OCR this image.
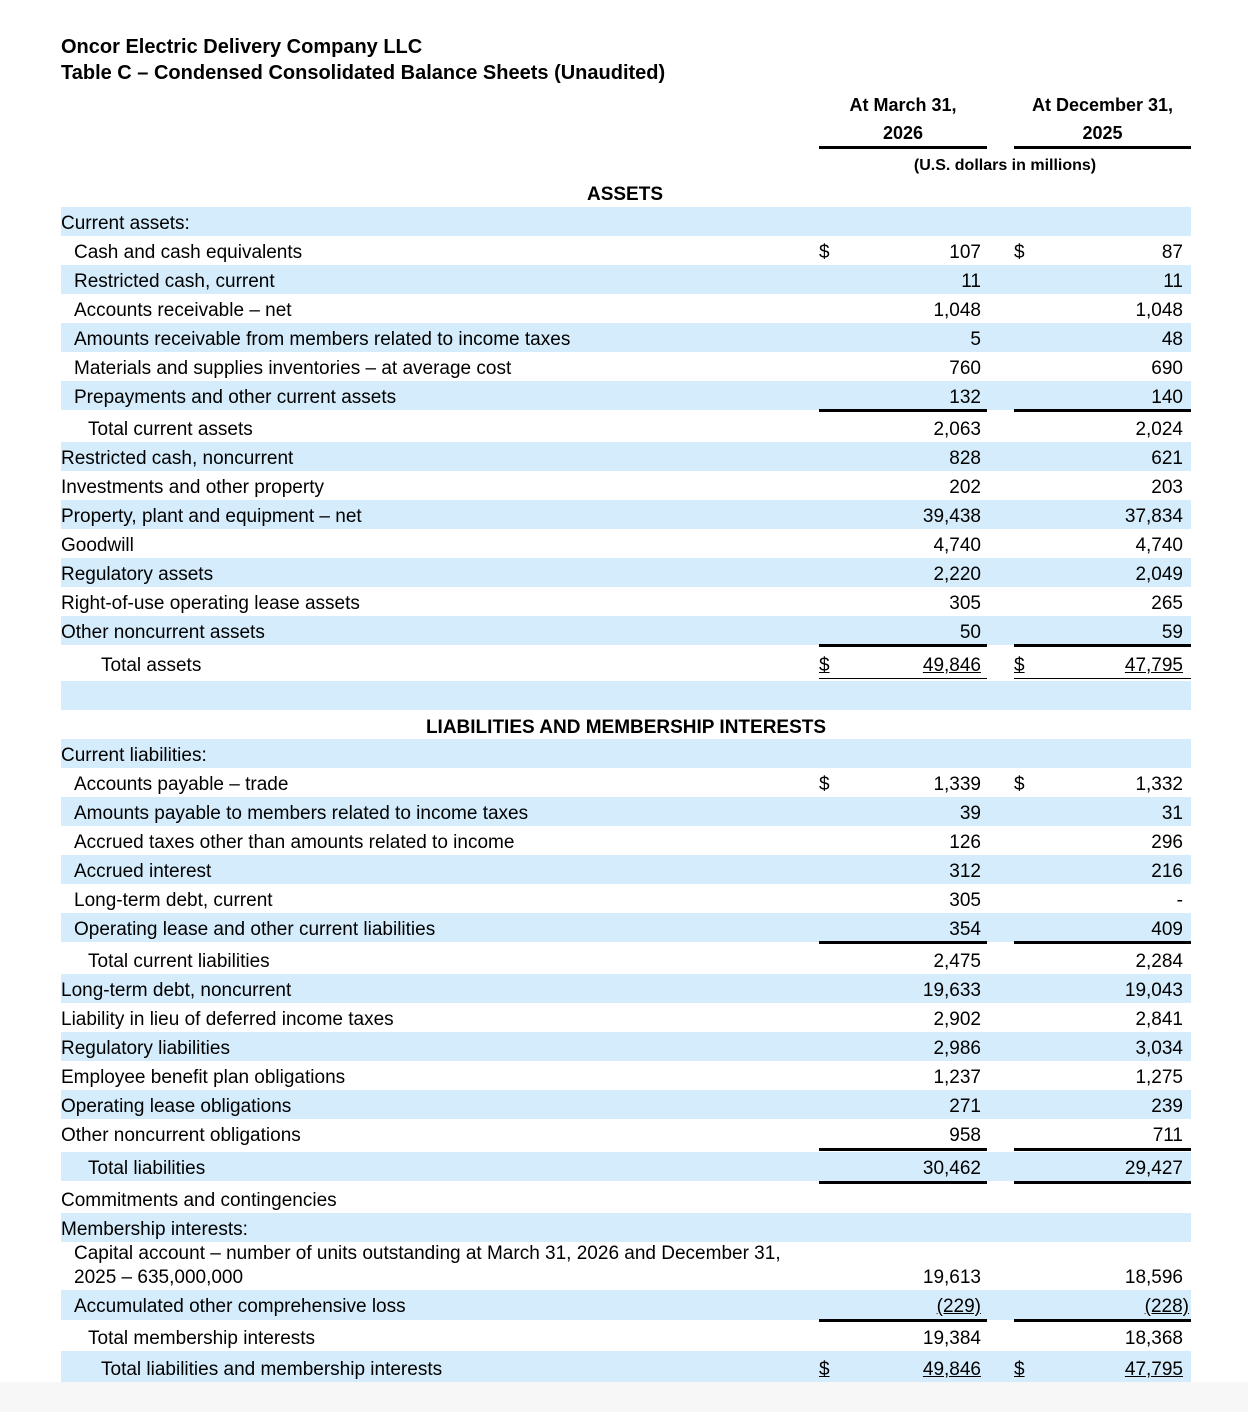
Oncor Electric Delivery Company LLC
Table C – Condensed Consolidated Balance Sheets (Unaudited)
At March 31,
2026
At December 31,
2025
(U.S. dollars in millions)
ASSETS
Current assets:
Cash and cash equivalents	$	107 $	87
Restricted cash, current	11	11
Accounts receivable – net	1,048	1,048
Amounts receivable from members related to income taxes	5	48
Materials and supplies inventories – at average cost	760	690
Prepayments and other current assets	132	140
Total current assets	2,063	2,024
Restricted cash, noncurrent	828	621
Investments and other property	202	203
Property, plant and equipment – net	39,438	37,834
Goodwill	4,740	4,740
Regulatory assets	2,220	2,049
Right-of-use operating lease assets	305	265
Other noncurrent assets	50	59
Total assets	$	49,846 $	47,795
LIABILITIES AND MEMBERSHIP INTERESTS
Current liabilities:
Accounts payable – trade	$	1,339 $	1,332
Amounts payable to members related to income taxes	39	31
Accrued taxes other than amounts related to income	126	296
Accrued interest	312	216
Long-term debt, current	305	-
Operating lease and other current liabilities	354	409
Total current liabilities	2,475	2,284
Long-term debt, noncurrent	19,633	19,043
Liability in lieu of deferred income taxes	2,902	2,841
Regulatory liabilities	2,986	3,034
Employee benefit plan obligations	1,237	1,275
Operating lease obligations	271	239
Other noncurrent obligations	958	711
Total liabilities	30,462	29,427
Commitments and contingencies
Membership interests:
Capital account – number of units outstanding at March 31, 2026 and December 31, 2025 – 635,000,000	19,613	18,596
Accumulated other comprehensive loss	(229)	(228)
Total membership interests	19,384	18,368
Total liabilities and membership interests	$	49,846 $	47,795
